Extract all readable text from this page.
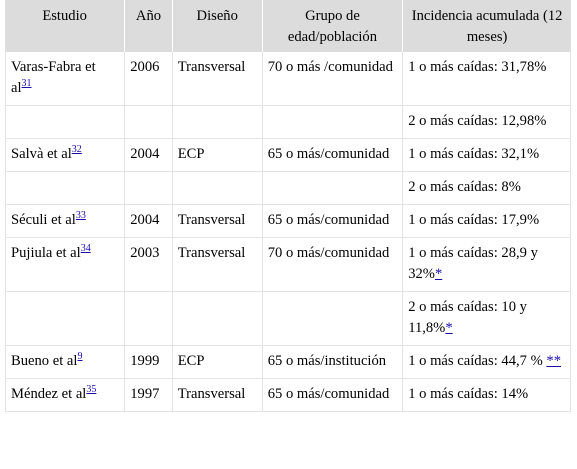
Estudio	Año	Diseño	Grupo de edad/población	Incidencia acumulada (12 meses)
Varas-Fabra et al$^{31}$	2006	Transversal	70 o más /comunidad	1 o más caídas: 31,78%
				2 o más caídas: 12,98%
Salvà et al$^{32}$	2004	ECP	65 o más/comunidad	1 o más caídas: 32,1%
				2 o más caídas: 8%
Séculi et al$^{33}$	2004	Transversal	65 o más/comunidad	1 o más caídas: 17,9%
Pujiula et al$^{34}$	2003	Transversal	70 o más/comunidad	1 o más caídas: 28,9 y 32%*
				2 o más caídas: 10 y 11,8%*
Bueno et al$^9$	1999	ECP	65 o más/institución	1 o más caídas: 44,7 % **
Méndez et al$^{35}$	1997	Transversal	65 o más/comunidad	1 o más caídas: 14%
